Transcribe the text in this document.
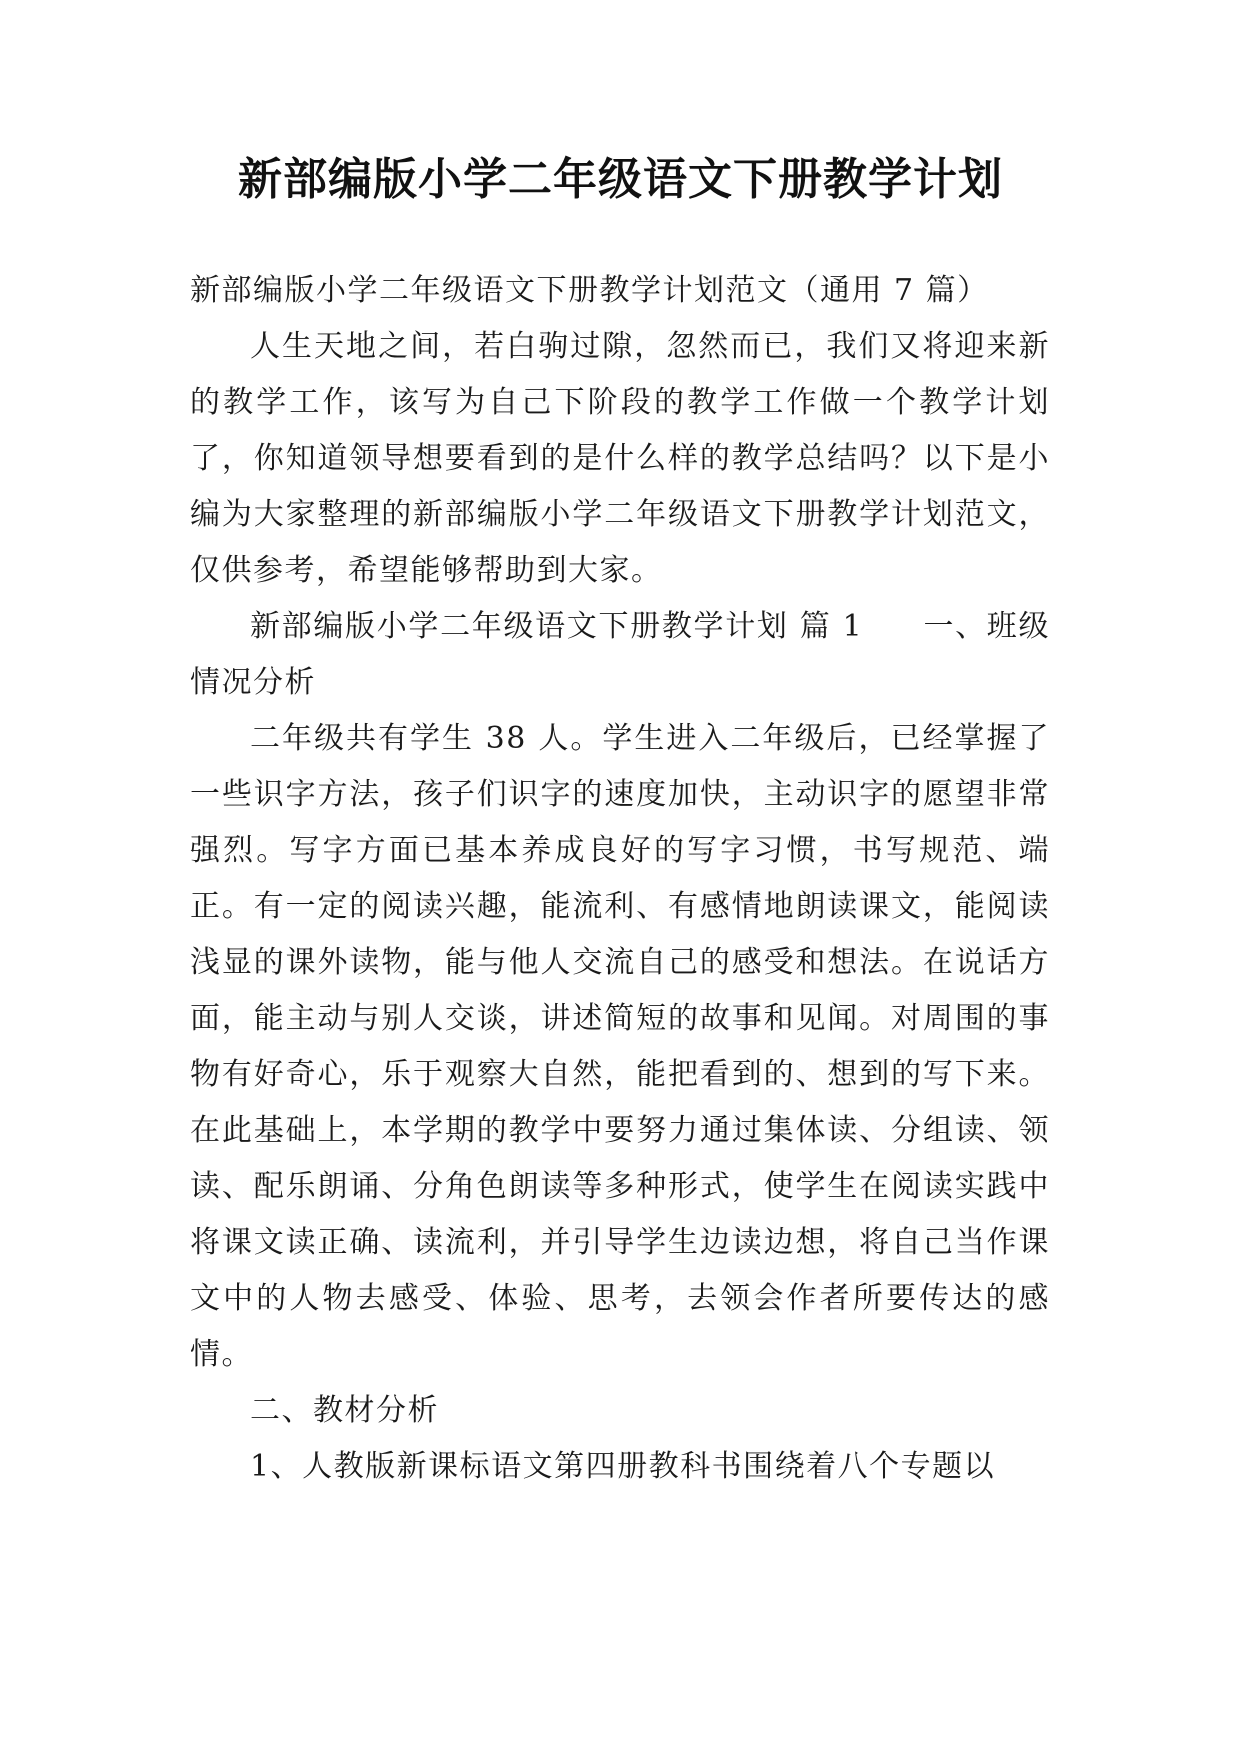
新部编版小学二年级语文下册教学计划

新部编版小学二年级语文下册教学计划范文（通用 7 篇）

人生天地之间，若白驹过隙，忽然而已，我们又将迎来新的教学工作，该写为自己下阶段的教学工作做一个教学计划了，你知道领导想要看到的是什么样的教学总结吗？以下是小编为大家整理的新部编版小学二年级语文下册教学计划范文，仅供参考，希望能够帮助到大家。

新部编版小学二年级语文下册教学计划 篇 1 一、班级情况分析

二年级共有学生 38 人。学生进入二年级后，已经掌握了一些识字方法，孩子们识字的速度加快，主动识字的愿望非常强烈。写字方面已基本养成良好的写字习惯，书写规范、端正。有一定的阅读兴趣，能流利、有感情地朗读课文，能阅读浅显的课外读物，能与他人交流自己的感受和想法。在说话方面，能主动与别人交谈，讲述简短的故事和见闻。对周围的事物有好奇心，乐于观察大自然，能把看到的、想到的写下来。在此基础上，本学期的教学中要努力通过集体读、分组读、领读、配乐朗诵、分角色朗读等多种形式，使学生在阅读实践中将课文读正确、读流利，并引导学生边读边想，将自己当作课文中的人物去感受、体验、思考，去领会作者所要传达的感情。

二、教材分析

1、人教版新课标语文第四册教科书围绕着八个专题以
